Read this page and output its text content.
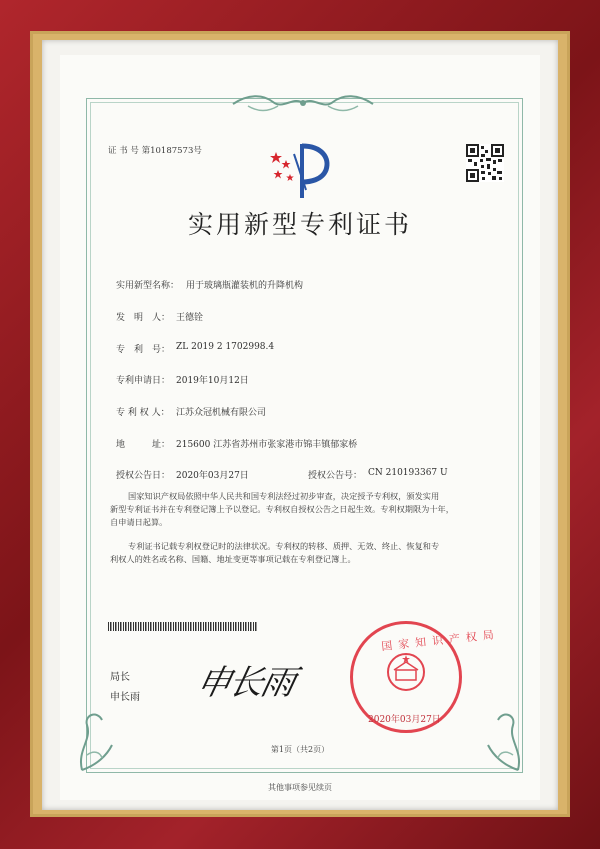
证 书 号 第10187573号
实用新型专利证书
实用新型名称： 用于玻璃瓶灌装机的升降机构
发　明　人： 王德铨
专　利　号： ZL 2019 2 1702998.4
专利申请日： 2019年10月12日
专 利 权 人： 江苏众冠机械有限公司
地　　　址： 215600 江苏省苏州市张家港市锦丰镇郁家桥
授权公告日： 2020年03月27日	授权公告号： CN 210193367 U
国家知识产权局依照中华人民共和国专利法经过初步审查，决定授予专利权，颁发实用
新型专利证书并在专利登记簿上予以登记。专利权自授权公告之日起生效。专利权期限为十年，
自申请日起算。
专利证书记载专利权登记时的法律状况。专利权的转移、质押、无效、终止、恢复和专
利权人的姓名或名称、国籍、地址变更等事项记载在专利登记簿上。
局长
申长雨 申长雨
国家知识产权局
2020年03月27日
第1页（共2页）
其他事项参见续页
